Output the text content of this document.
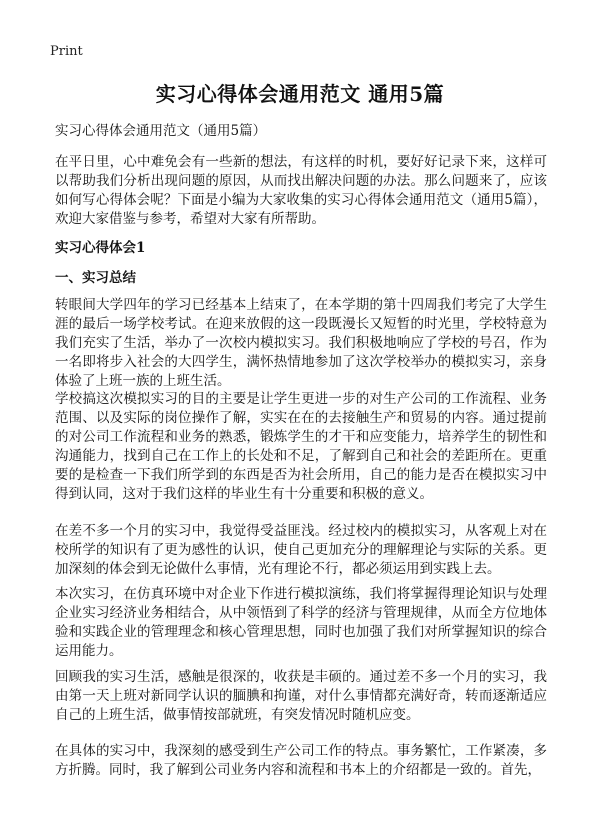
Print
实习心得体会通用范文 通用5篇

实习心得体会通用范文（通用5篇）

在平日里，心中难免会有一些新的想法，有这样的时机，要好好记录下来，这样可以帮助我们分析出现问题的原因，从而找出解决问题的办法。那么问题来了，应该如何写心得体会呢？下面是小编为大家收集的实习心得体会通用范文（通用5篇），欢迎大家借鉴与参考，希望对大家有所帮助。

实习心得体会1

一、实习总结

转眼间大学四年的学习已经基本上结束了，在本学期的第十四周我们考完了大学生涯的最后一场学校考试。在迎来放假的这一段既漫长又短暂的时光里，学校特意为我们充实了生活，举办了一次校内模拟实习。我们积极地响应了学校的号召，作为一名即将步入社会的大四学生，满怀热情地参加了这次学校举办的模拟实习，亲身体验了上班一族的上班生活。

学校搞这次模拟实习的目的主要是让学生更进一步的对生产公司的工作流程、业务范围、以及实际的岗位操作了解，实实在在的去接触生产和贸易的内容。通过提前的对公司工作流程和业务的熟悉，锻炼学生的才干和应变能力，培养学生的韧性和沟通能力，找到自己在工作上的长处和不足，了解到自己和社会的差距所在。更重要的是检查一下我们所学到的东西是否为社会所用，自己的能力是否在模拟实习中得到认同，这对于我们这样的毕业生有十分重要和积极的意义。

在差不多一个月的实习中，我觉得受益匪浅。经过校内的模拟实习，从客观上对在校所学的知识有了更为感性的认识，使自己更加充分的理解理论与实际的关系。更加深刻的体会到无论做什么事情，光有理论不行，都必须运用到实践上去。

本次实习，在仿真环境中对企业下作进行模拟演练，我们将掌握得理论知识与处理企业实习经济业务相结合，从中领悟到了科学的经济与管理规律，从而全方位地体验和实践企业的管理理念和核心管理思想，同时也加强了我们对所掌握知识的综合运用能力。

回顾我的实习生活，感触是很深的，收获是丰硕的。通过差不多一个月的实习，我由第一天上班对新同学认识的腼腆和拘谨，对什么事情都充满好奇，转而逐渐适应自己的上班生活，做事情按部就班，有突发情况时随机应变。

在具体的实习中，我深刻的感受到生产公司工作的特点。事务繁忙，工作紧凑，多方折腾。同时，我了解到公司业务内容和流程和书本上的介绍都是一致的。首先，
